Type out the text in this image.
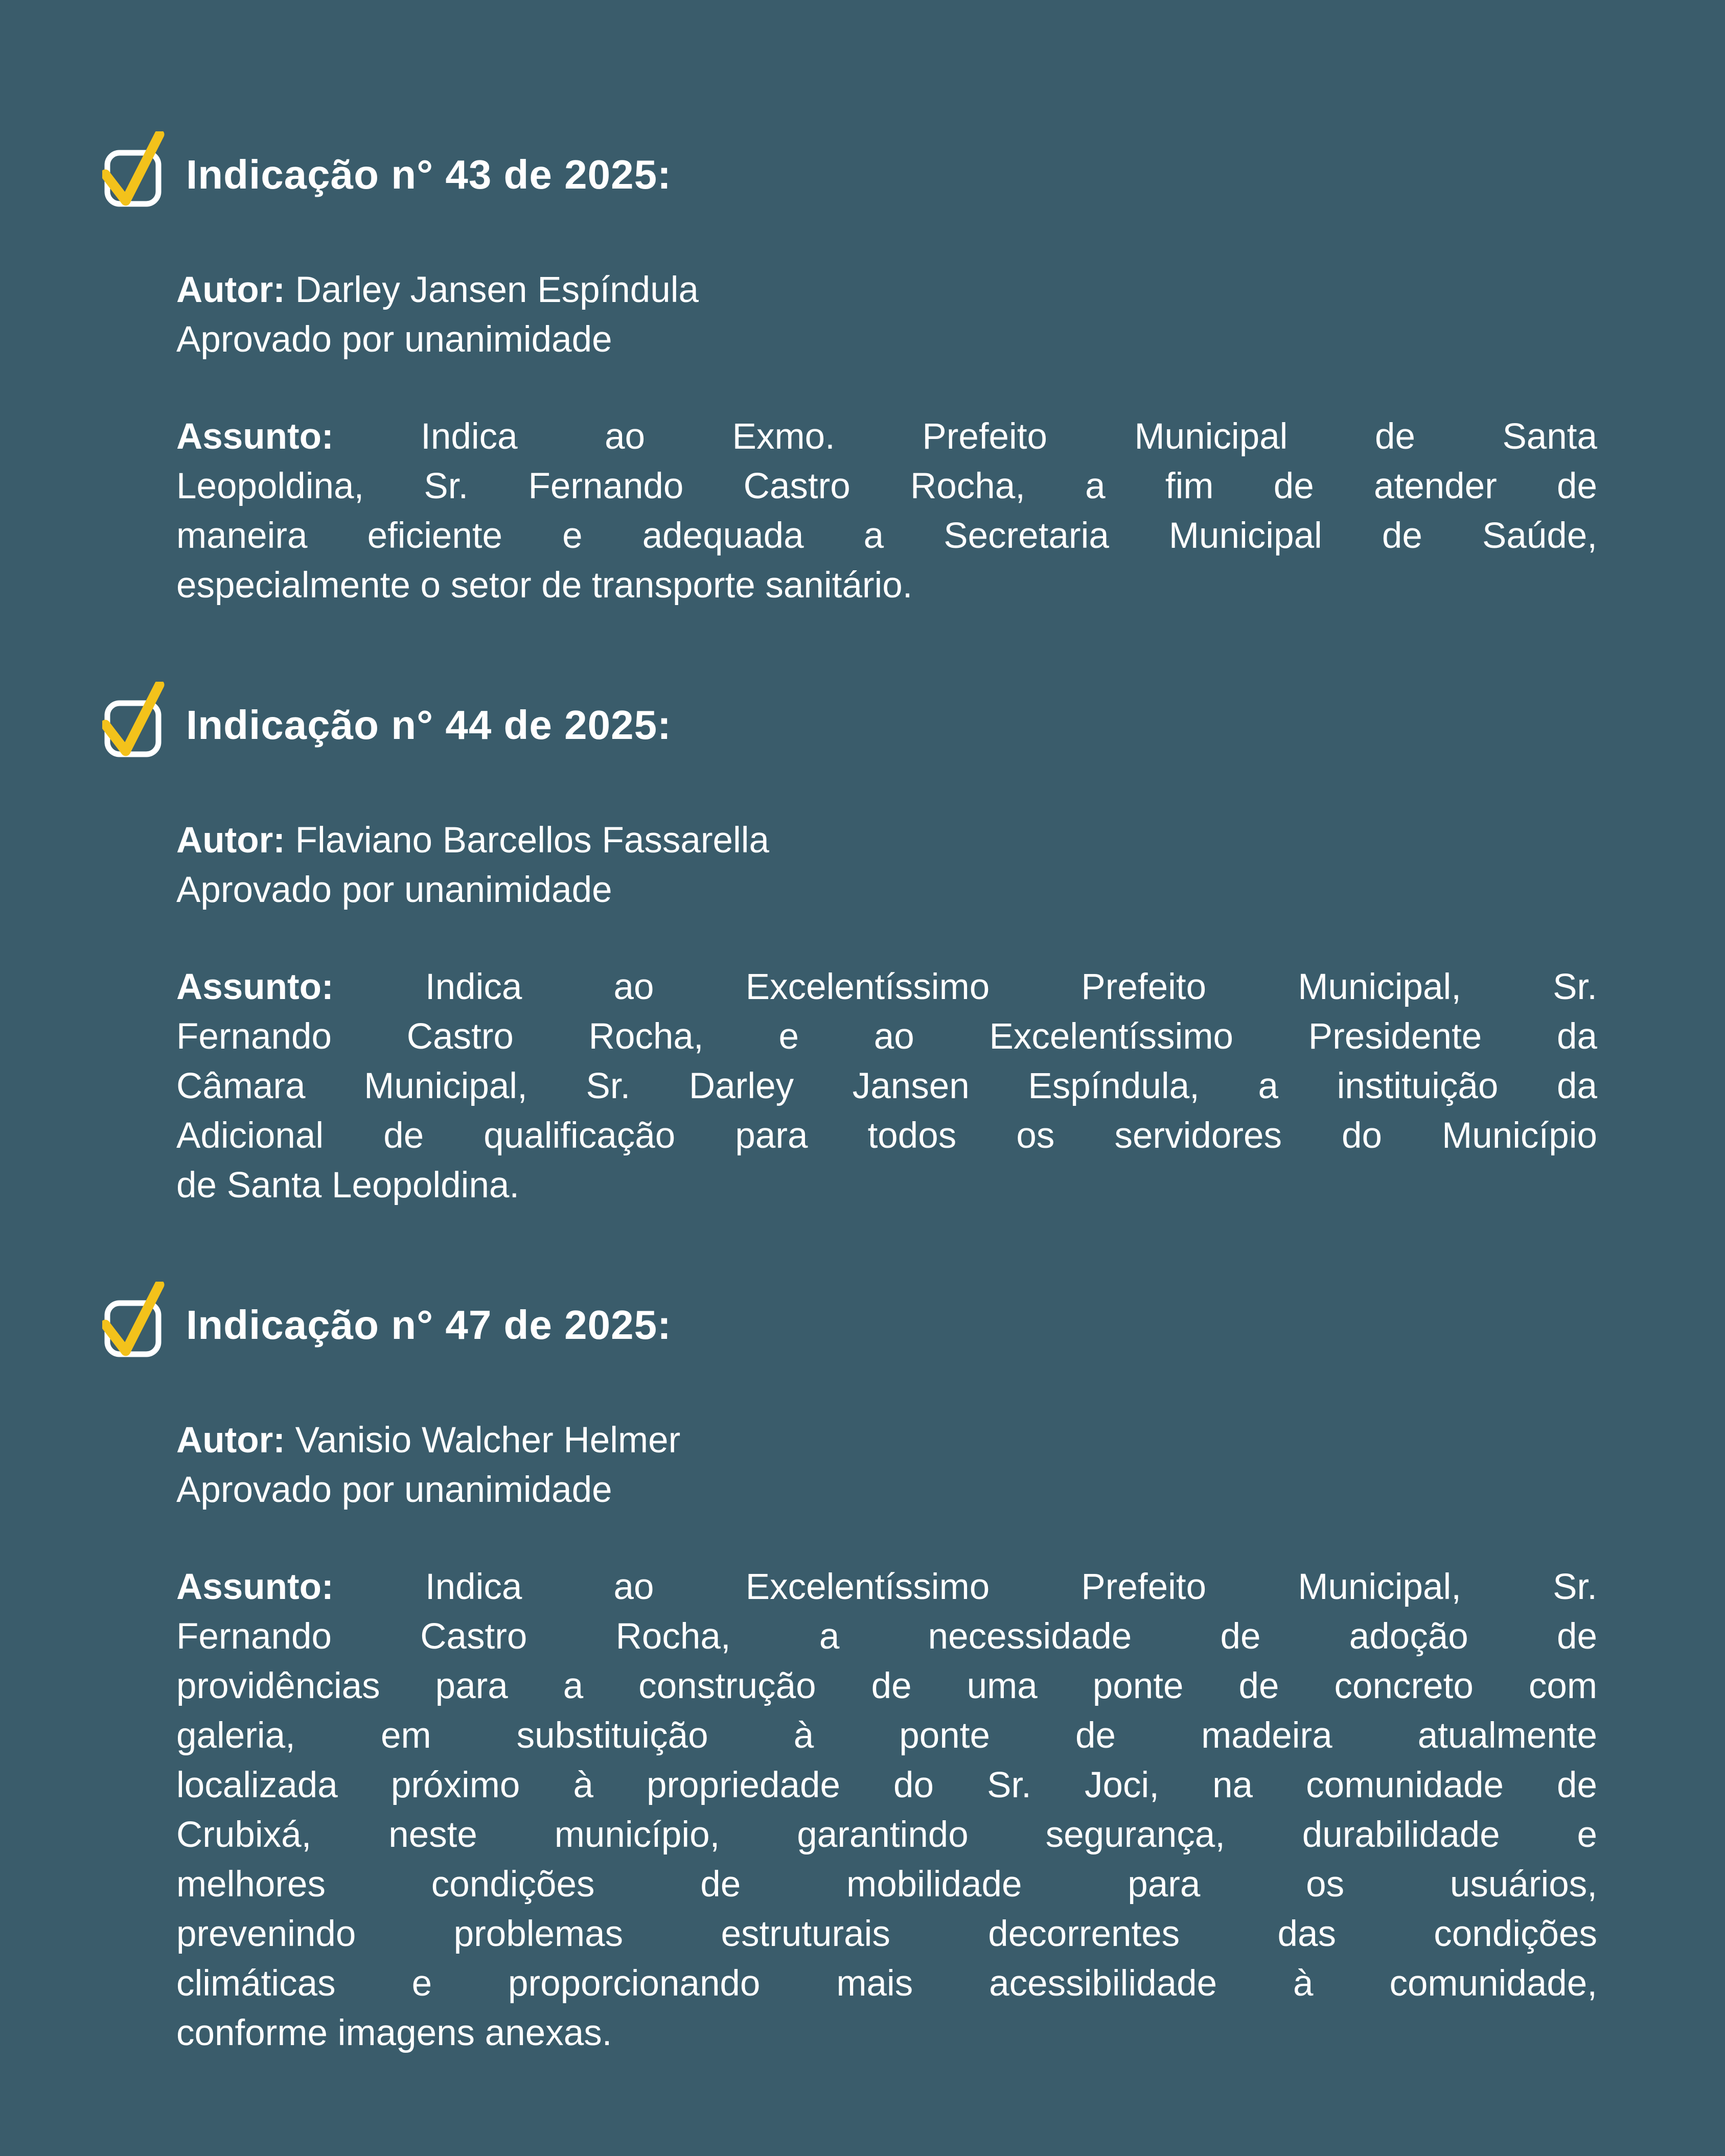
Indicação n° 43 de 2025:
Autor: Darley Jansen Espíndula
Aprovado por unanimidade
Assunto: Indica ao Exmo. Prefeito Municipal de Santa
Leopoldina, Sr. Fernando Castro Rocha, a fim de atender de
maneira eficiente e adequada a Secretaria Municipal de Saúde,
especialmente o setor de transporte sanitário.
Indicação n° 44 de 2025:
Autor: Flaviano Barcellos Fassarella
Aprovado por unanimidade
Assunto:	Indica ao Excelentíssimo Prefeito Municipal, Sr.
Fernando Castro Rocha, e ao Excelentíssimo Presidente da
Câmara Municipal, Sr. Darley Jansen Espíndula, a instituição da
Adicional de qualificação para todos os servidores do Município
de Santa Leopoldina.
Indicação n° 47 de 2025:
Autor: Vanisio Walcher Helmer
Aprovado por unanimidade
Assunto:	Indica ao Excelentíssimo Prefeito Municipal, Sr.
Fernando Castro Rocha, a necessidade de adoção de
providências para a construção de uma ponte de concreto com
galeria, em substituição à ponte de madeira atualmente
localizada próximo à propriedade do Sr. Joci, na comunidade de
Crubixá, neste município, garantindo segurança, durabilidade e
melhores condições de mobilidade para os usuários,
prevenindo problemas estruturais decorrentes das condições
climáticas e proporcionando mais acessibilidade à comunidade,
conforme imagens anexas.
